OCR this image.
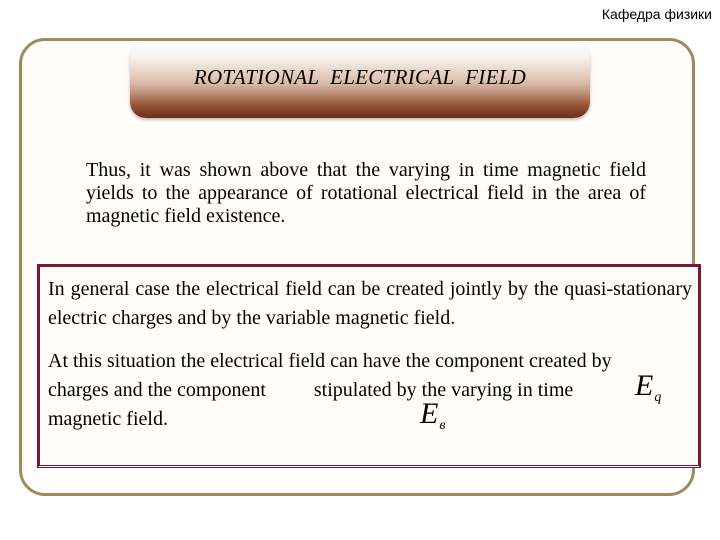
Кафедра физики
ROTATIONAL  ELECTRICAL  FIELD

Thus, it was shown above that the varying in time magnetic field yields to the appearance of rotational electrical field in the area of magnetic field existence.

In general case the electrical field can be created jointly by the quasi-stationary electric charges and by the variable magnetic field.

At this situation the electrical field can have the component created by charges and the component stipulated by the varying in time magnetic field.

$E_q$
$E_в$
